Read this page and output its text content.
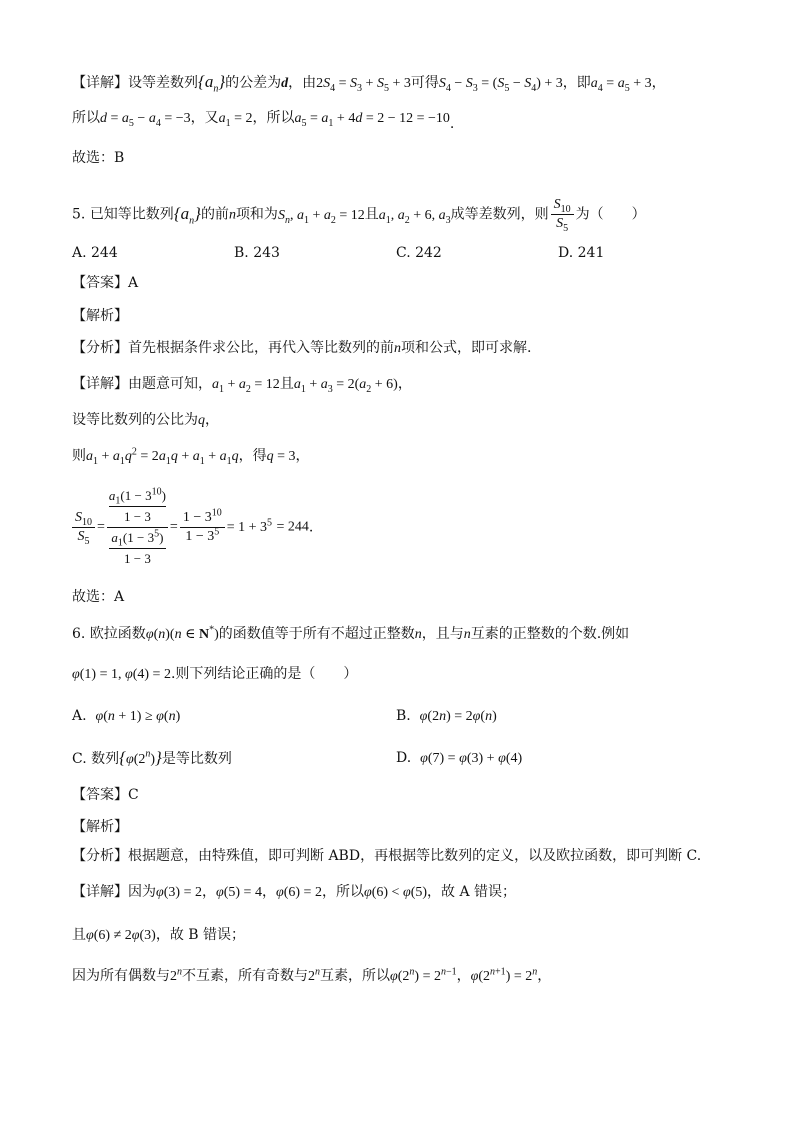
【详解】设等差数列$\{a_n\}$的公差为d，由$2S_4 = S_3 + S_5 + 3$可得$S_4 - S_3 = (S_5 - S_4) + 3$，即$a_4 = a_5 + 3$，
所以$d = a_5 - a_4 = -3$，又$a_1 = 2$，所以$a_5 = a_1 + 4d = 2 - 12 = -10$.
故选：B
5. 已知等比数列$\{a_n\}$的前n项和为$S_n$, $a_1 + a_2 = 12$且$a_1$, $a_2 + 6$, $a_3$成等差数列，则 $\frac{S_{10}}{S_5}$ 为（　　）
A. 244	B. 243	C. 242	D. 241
【答案】A
【解析】
【分析】首先根据条件求公比，再代入等比数列的前n项和公式，即可求解.
【详解】由题意可知，$a_1 + a_2 = 12$且$a_1 + a_3 = 2(a_2 + 6)$，
设等比数列的公比为q，
则$a_1 + a_1q^2 = 2a_1q + a_1 + a_1q$，得q = 3，
$\frac{S_{10}}{S_5} = a_1(1 - 3^{10})$
1 − 3
$a_1(1 - 3^5)$
$1 - 3 = \frac{1 - 3^{10}}{1 - 3^5} = 1 + 3^5 = 244$.
故选：A
6. 欧拉函数φ(n)(n ∈ N*)的函数值等于所有不超过正整数n，且与n互素的正整数的个数.例如
φ(1) = 1, φ(4) = 2.则下列结论正确的是（　　）
A. φ(n + 1) ≥ φ(n)	B. φ(2n) = 2φ(n)
C. 数列{φ(2$^n$)}是等比数列	D. φ(7) = φ(3) + φ(4)
【答案】C
【解析】
【分析】根据题意，由特殊值，即可判断 ABD，再根据等比数列的定义，以及欧拉函数，即可判断 C.
【详解】因为φ(3) = 2，φ(5) = 4，φ(6) = 2，所以φ(6) < φ(5)，故 A 错误；
且φ(6) ≠ 2φ(3)，故 B 错误；
因为所有偶数与2$^n$不互素，所有奇数与2$^n$互素，所以$\varphi(2^n) = 2^{n-1}$，$\varphi(2^{n+1}) = 2^n$，
